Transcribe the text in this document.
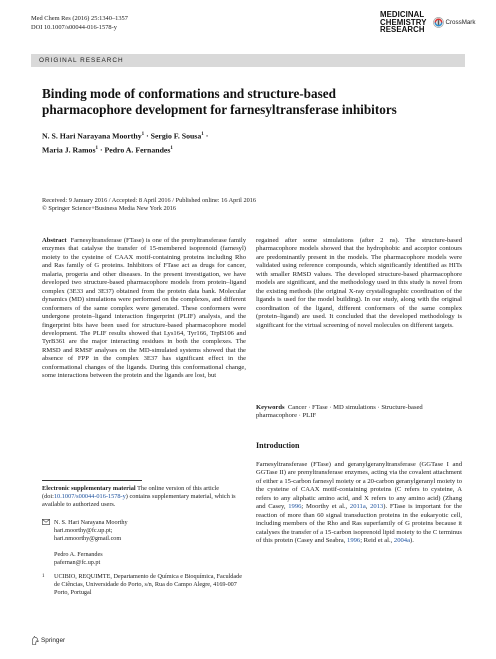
Med Chem Res (2016) 25:1340–1357
DOI 10.1007/s00044-016-1578-y
MEDICINAL
CHEMISTRY
RESEARCH
CrossMark
ORIGINAL RESEARCH
Binding mode of conformations and structure-based
pharmacophore development for farnesyltransferase inhibitors
N. S. Hari Narayana Moorthy$^1$ · Sergio F. Sousa$^1$ ·
Maria J. Ramos$^1$ · Pedro A. Fernandes$^1$
Received: 9 January 2016 / Accepted: 8 April 2016 / Published online: 16 April 2016
© Springer Science+Business Media New York 2016
Abstract Farnesyltransferase (FTase) is one of the prenyltransferase family enzymes that catalyse the transfer of 15-membered isoprenoid (farnesyl) moiety to the cysteine of CAAX motif-containing proteins including Rho and Ras family of G proteins. Inhibitors of FTase act as drugs for cancer, malaria, progeria and other diseases. In the present investigation, we have developed two structure-based pharmacophore models from protein–ligand complex (3E33 and 3E37) obtained from the protein data bank. Molecular dynamics (MD) simulations were performed on the complexes, and different conformers of the same complex were generated. These conformers were undergone protein–ligand interaction fingerprint (PLIF) analysis, and the fingerprint bits have been used for structure-based pharmacophore model development. The PLIF results showed that Lys164, Tyr166, TrpB106 and TyrB361 are the major interacting residues in both the complexes. The RMSD and RMSF analyses on the MD-simulated systems showed that the absence of FPP in the complex 3E37 has significant effect in the conformational changes of the ligands. During this conformational change, some interactions between the protein and the ligands are lost, but
regained after some simulations (after 2 ns). The structure-based pharmacophore models showed that the hydrophobic and acceptor contours are predominantly present in the models. The pharmacophore models were validated using reference compounds, which significantly identified as HITs with smaller RMSD values. The developed structure-based pharmacophore models are significant, and the methodology used in this study is novel from the existing methods (the original X-ray crystallographic coordination of the ligands is used for the model building). In our study, along with the original coordination of the ligand, different conformers of the same complex (protein–ligand) are used. It concluded that the developed methodology is significant for the virtual screening of novel molecules on different targets.
Keywords Cancer · FTase · MD simulations · Structure-based pharmacophore · PLIF
Introduction
Farnesyltransferase (FTase) and geranylgeranyltransferase (GGTase I and GGTase II) are prenyltransferase enzymes, acting via the covalent attachment of either a 15-carbon farnesyl moiety or a 20-carbon geranylgeranyl moiety to the cysteine of CAAX motif-containing proteins (C refers to cysteine, A refers to any aliphatic amino acid, and X refers to any amino acid) (Zhang and Casey, 1996; Moorthy et al., 2011a, 2013). FTase is important for the reaction of more than 60 signal transduction proteins in the eukaryotic cell, including members of the Rho and Ras superfamily of G proteins because it catalyses the transfer of a 15-carbon isoprenoid lipid moiety to the C terminus of this protein (Casey and Seabra, 1996; Reid et al., 2004a).
Electronic supplementary material The online version of this article (doi:10.1007/s00044-016-1578-y) contains supplementary material, which is available to authorized users.
N. S. Hari Narayana Moorthy
hari.moorthy@fc.up.pt;
hari.nmoorthy@gmail.com
Pedro A. Fernandes
pafernan@fc.up.pt
1	UCIBIO, REQUIMTE, Departamento de Química e Bioquímica, Faculdade de Ciências, Universidade do Porto, s/n, Rua do Campo Alegre, 4169-007 Porto, Portugal
Springer
